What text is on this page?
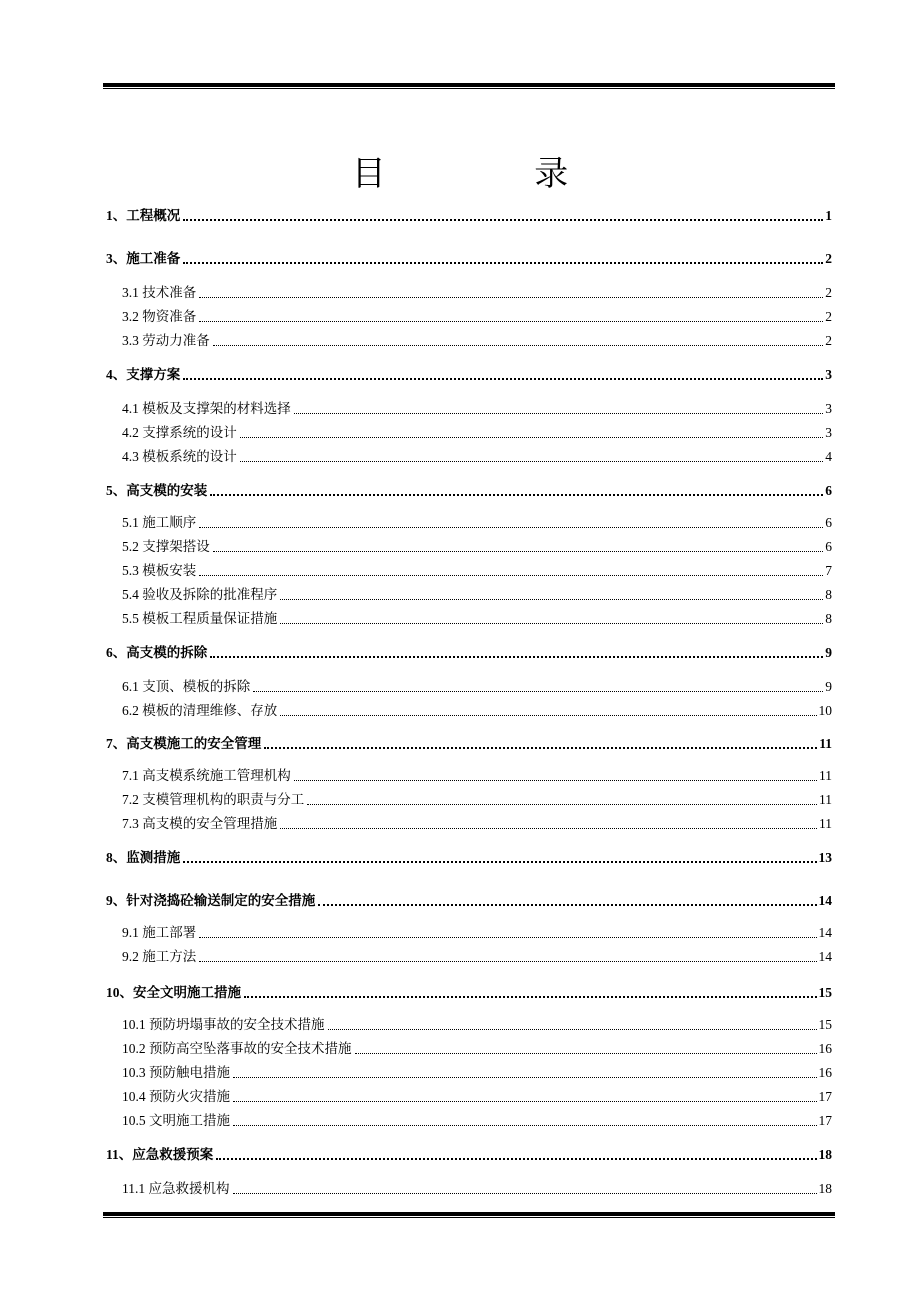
目 录
1、工程概况	1
3、施工准备	2
3.1 技术准备	2
3.2 物资准备	2
3.3 劳动力准备	2
4、支撑方案	3
4.1 模板及支撑架的材料选择	3
4.2 支撑系统的设计	3
4.3 模板系统的设计	4
5、高支模的安装	6
5.1 施工顺序	6
5.2 支撑架搭设	6
5.3 模板安装	7
5.4 验收及拆除的批准程序	8
5.5 模板工程质量保证措施	8
6、高支模的拆除	9
6.1 支顶、模板的拆除	9
6.2 模板的清理维修、存放	10
7、高支模施工的安全管理	11
7.1 高支模系统施工管理机构	11
7.2 支模管理机构的职责与分工	11
7.3 高支模的安全管理措施	11
8、监测措施	13
9、针对浇捣砼输送制定的安全措施	14
9.1 施工部署	14
9.2 施工方法	14
10、安全文明施工措施	15
10.1 预防坍塌事故的安全技术措施	15
10.2 预防高空坠落事故的安全技术措施	16
10.3 预防触电措施	16
10.4 预防火灾措施	17
10.5 文明施工措施	17
11、应急救援预案	18
11.1 应急救援机构	18
